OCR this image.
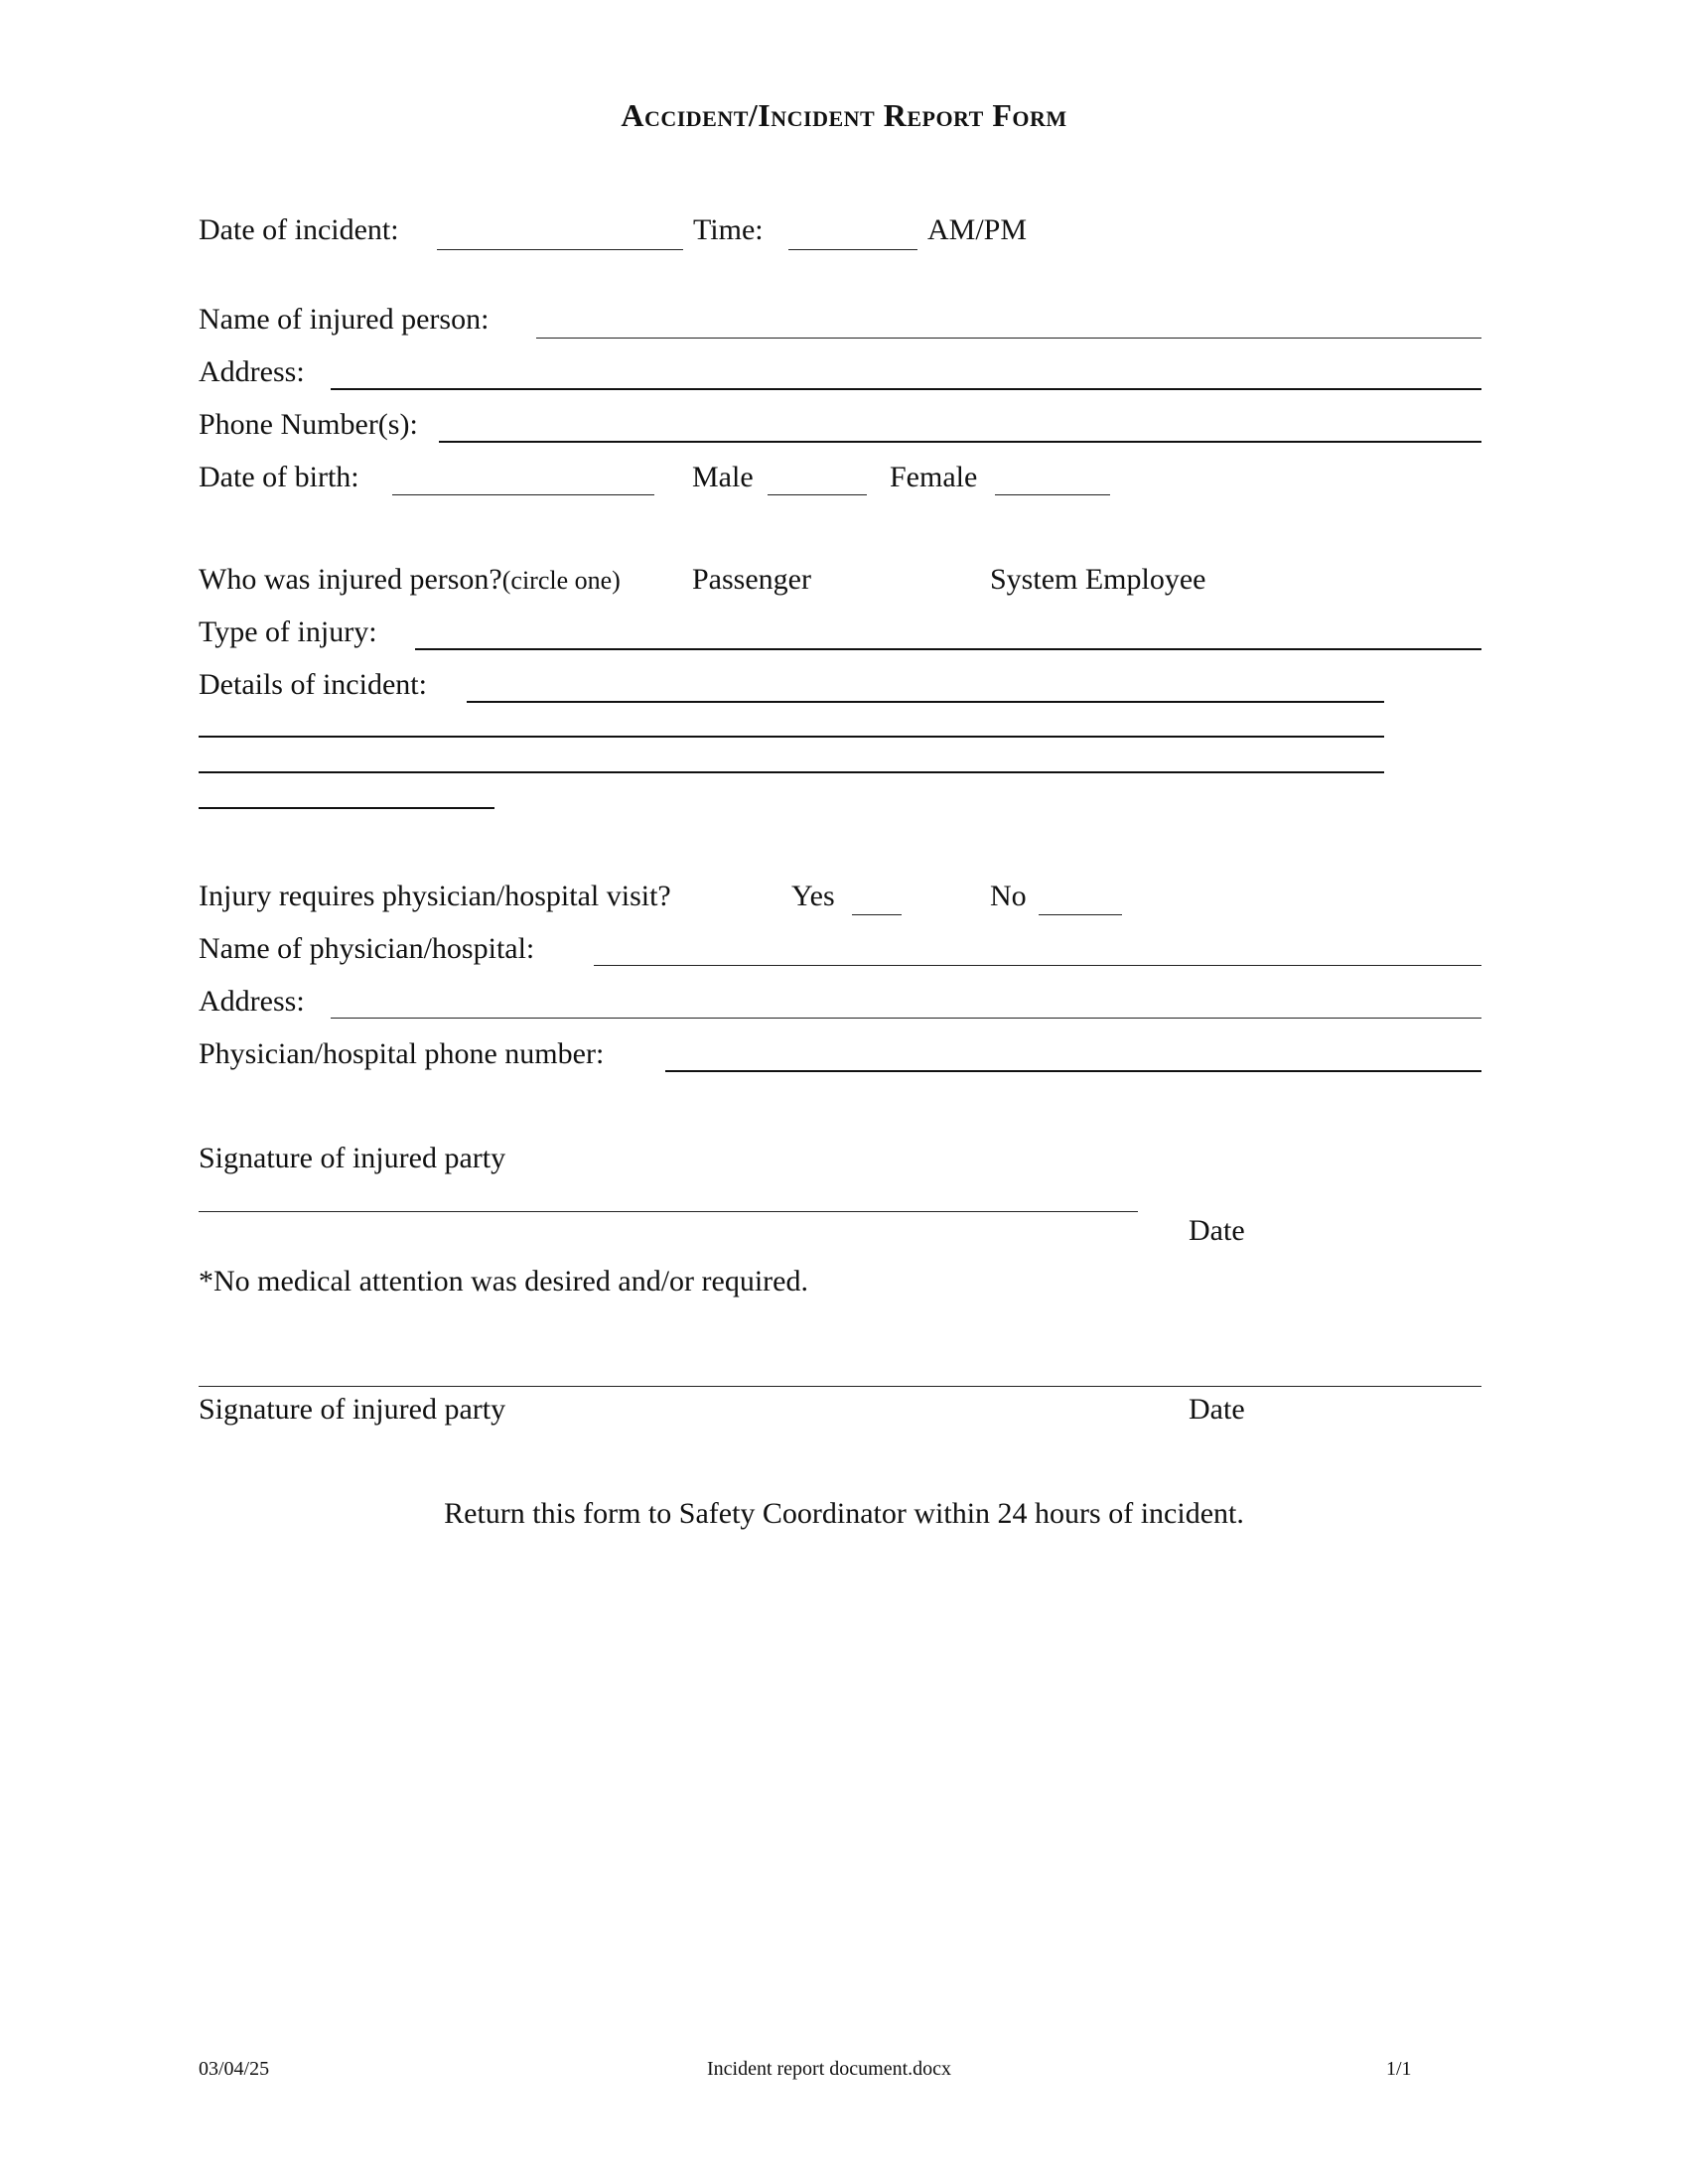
Accident/Incident Report Form
Date of incident:	Time:	AM/PM
Name of injured person:
Address:
Phone Number(s):
Date of birth:	Male	Female
Who was injured person?(circle one) Passenger	System Employee
Type of injury:
Details of incident:
Injury requires physician/hospital visit?	Yes	No
Name of physician/hospital:
Address:
Physician/hospital phone number:
Signature of injured party
Date
*No medical attention was desired and/or required.
Signature of injured party	Date
Return this form to Safety Coordinator within 24 hours of incident.
03/04/25	Incident report document.docx	1/1
